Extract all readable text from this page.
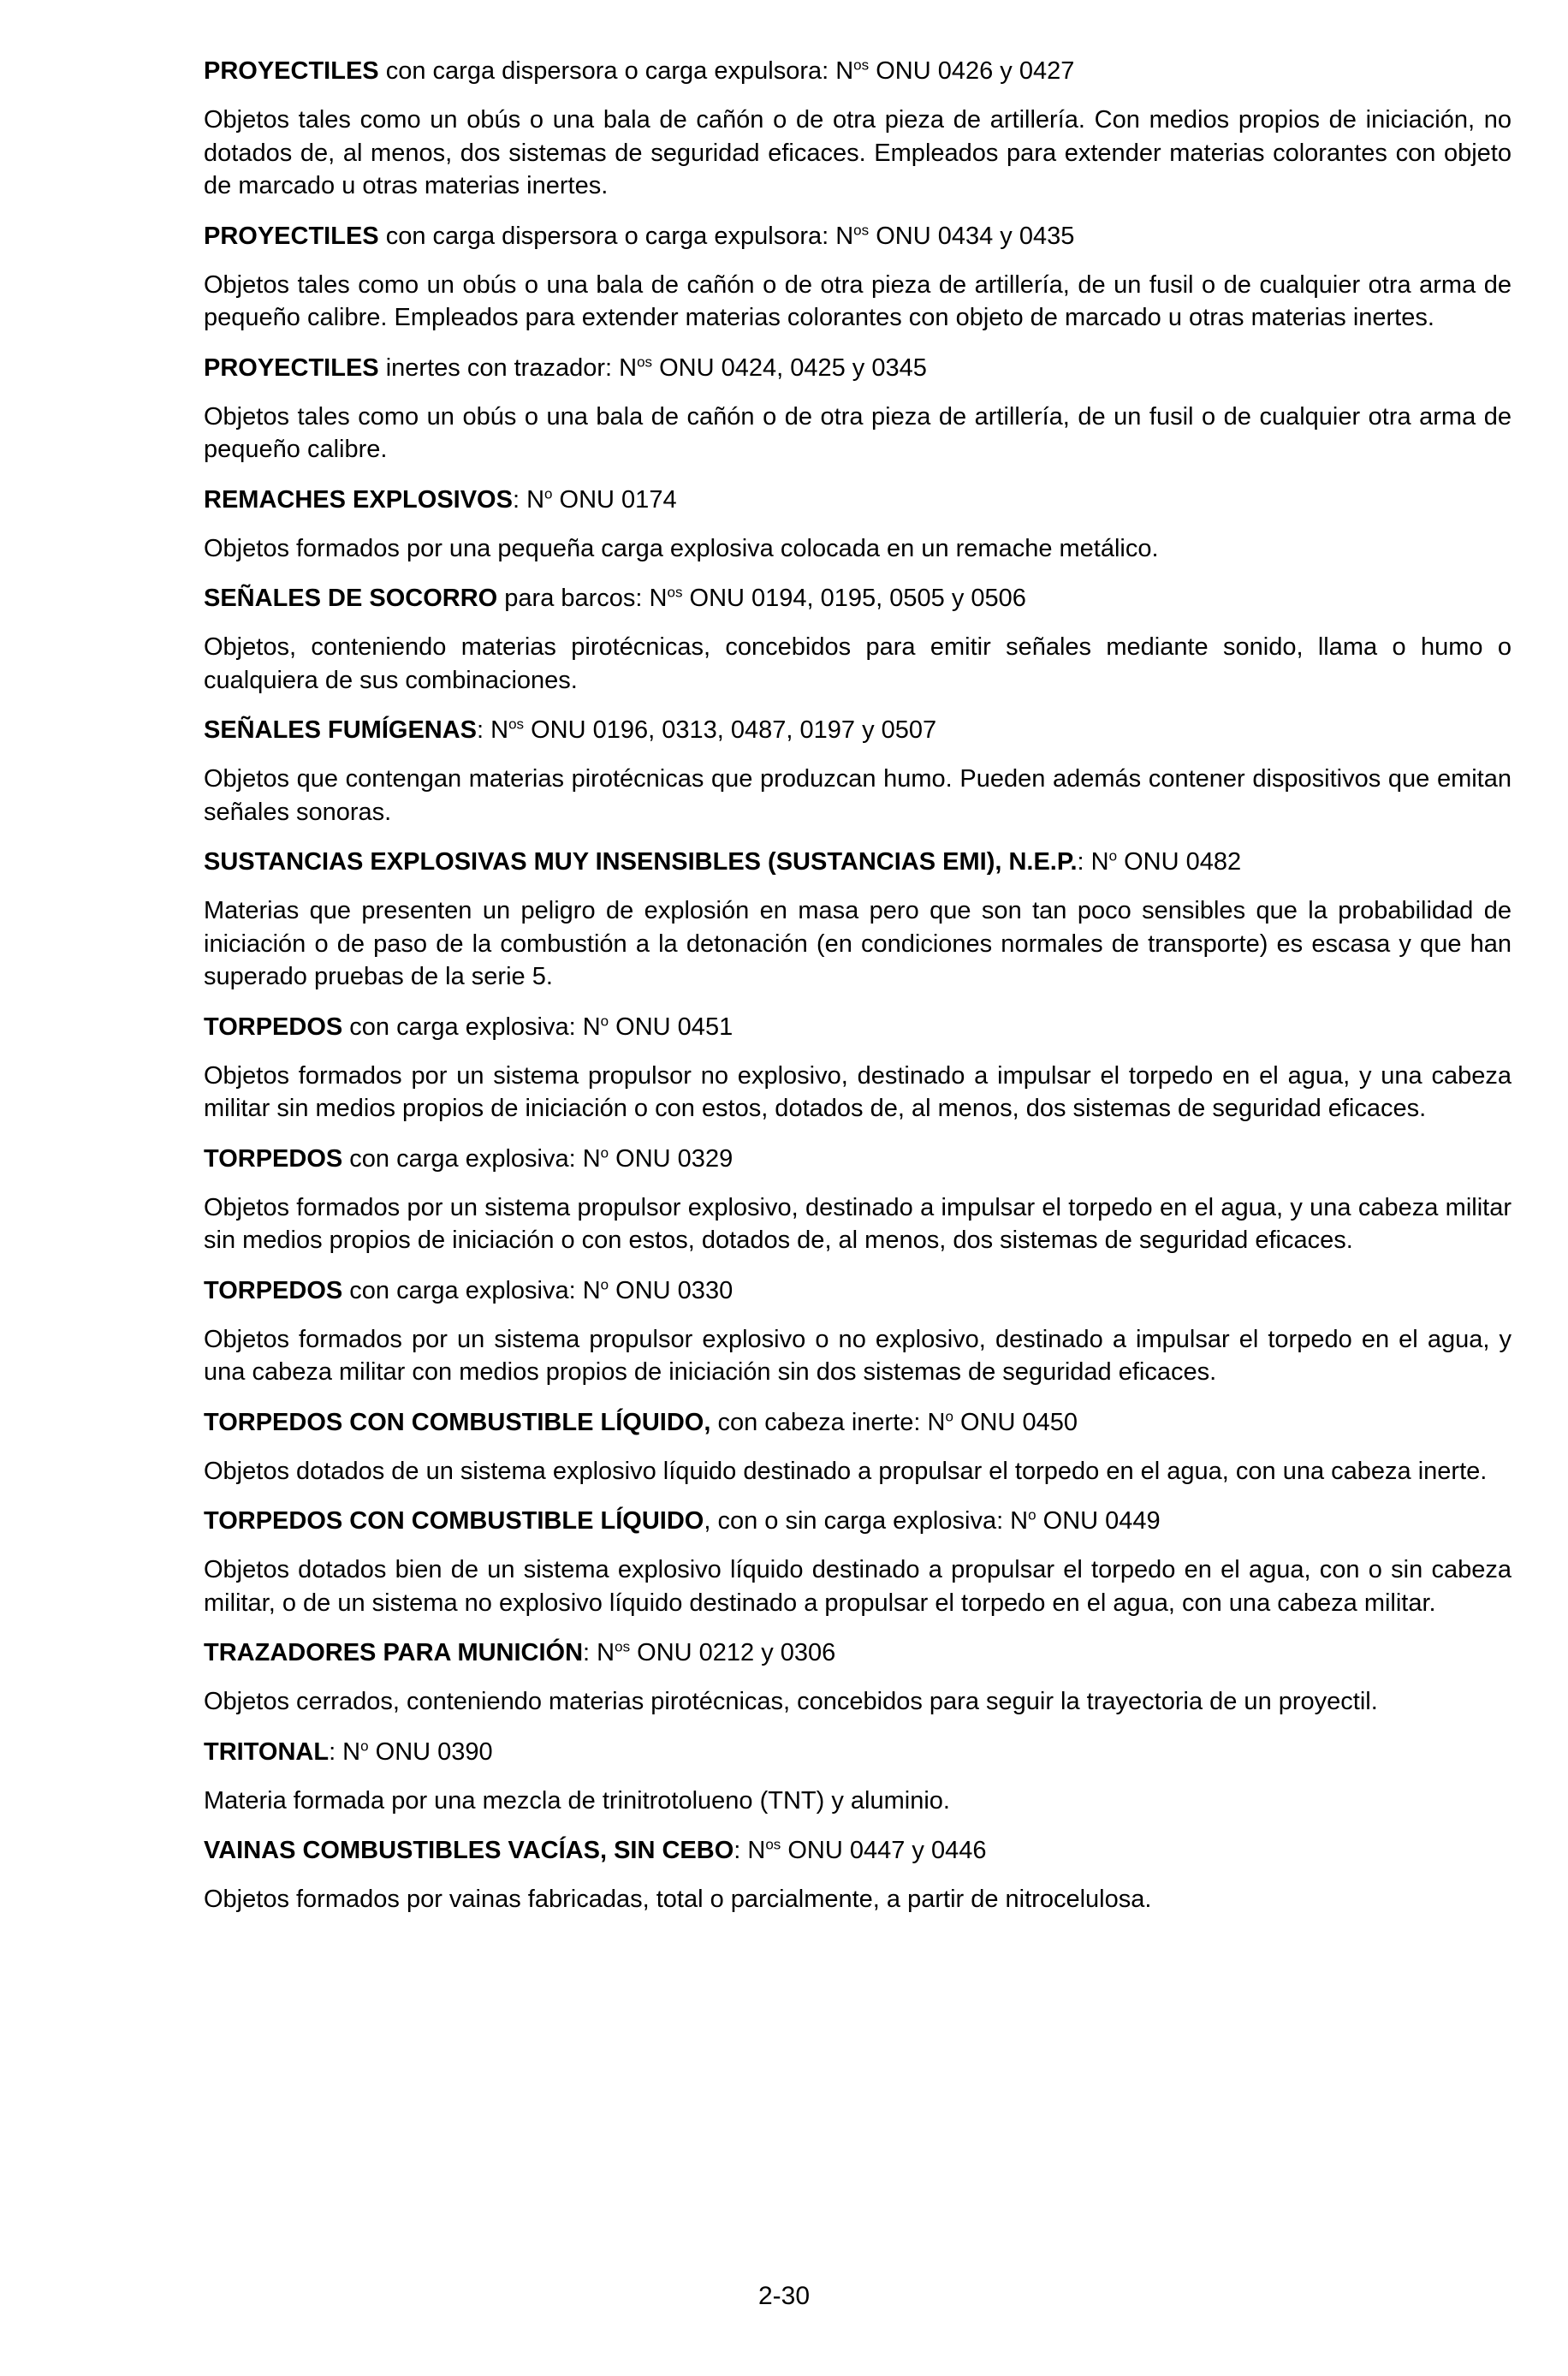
PROYECTILES con carga dispersora o carga expulsora: $N^{os}$ ONU 0426 y 0427

Objetos tales como un obús o una bala de cañón o de otra pieza de artillería. Con medios propios de iniciación, no dotados de, al menos, dos sistemas de seguridad eficaces. Empleados para extender materias colorantes con objeto de marcado u otras materias inertes.

PROYECTILES con carga dispersora o carga expulsora: $N^{os}$ ONU 0434 y 0435

Objetos tales como un obús o una bala de cañón o de otra pieza de artillería, de un fusil o de cualquier otra arma de pequeño calibre. Empleados para extender materias colorantes con objeto de marcado u otras materias inertes.

PROYECTILES inertes con trazador: $N^{os}$ ONU 0424, 0425 y 0345

Objetos tales como un obús o una bala de cañón o de otra pieza de artillería, de un fusil o de cualquier otra arma de pequeño calibre.

REMACHES EXPLOSIVOS: $N^o$ ONU 0174

Objetos formados por una pequeña carga explosiva colocada en un remache metálico.

SEÑALES DE SOCORRO para barcos: $N^{os}$ ONU 0194, 0195, 0505 y 0506

Objetos, conteniendo materias pirotécnicas, concebidos para emitir señales mediante sonido, llama o humo o cualquiera de sus combinaciones.

SEÑALES FUMÍGENAS: $N^{os}$ ONU 0196, 0313, 0487, 0197 y 0507

Objetos que contengan materias pirotécnicas que produzcan humo. Pueden además contener dispositivos que emitan señales sonoras.

SUSTANCIAS EXPLOSIVAS MUY INSENSIBLES (SUSTANCIAS EMI), N.E.P.: $N^o$ ONU 0482

Materias que presenten un peligro de explosión en masa pero que son tan poco sensibles que la probabilidad de iniciación o de paso de la combustión a la detonación (en condiciones normales de transporte) es escasa y que han superado pruebas de la serie 5.

TORPEDOS con carga explosiva: $N^o$ ONU 0451

Objetos formados por un sistema propulsor no explosivo, destinado a impulsar el torpedo en el agua, y una cabeza militar sin medios propios de iniciación o con estos, dotados de, al menos, dos sistemas de seguridad eficaces.

TORPEDOS con carga explosiva: $N^o$ ONU 0329

Objetos formados por un sistema propulsor explosivo, destinado a impulsar el torpedo en el agua, y una cabeza militar sin medios propios de iniciación o con estos, dotados de, al menos, dos sistemas de seguridad eficaces.

TORPEDOS con carga explosiva: $N^o$ ONU 0330

Objetos formados por un sistema propulsor explosivo o no explosivo, destinado a impulsar el torpedo en el agua, y una cabeza militar con medios propios de iniciación sin dos sistemas de seguridad eficaces.

TORPEDOS CON COMBUSTIBLE LÍQUIDO, con cabeza inerte: $N^o$ ONU 0450

Objetos dotados de un sistema explosivo líquido destinado a propulsar el torpedo en el agua, con una cabeza inerte.

TORPEDOS CON COMBUSTIBLE LÍQUIDO, con o sin carga explosiva: $N^o$ ONU 0449

Objetos dotados bien de un sistema explosivo líquido destinado a propulsar el torpedo en el agua, con o sin cabeza militar, o de un sistema no explosivo líquido destinado a propulsar el torpedo en el agua, con una cabeza militar.

TRAZADORES PARA MUNICIÓN: $N^{os}$ ONU 0212 y 0306

Objetos cerrados, conteniendo materias pirotécnicas, concebidos para seguir la trayectoria de un proyectil.

TRITONAL: $N^o$ ONU 0390

Materia formada por una mezcla de trinitrotolueno (TNT) y aluminio.

VAINAS COMBUSTIBLES VACÍAS, SIN CEBO: $N^{os}$ ONU 0447 y 0446

Objetos formados por vainas fabricadas, total o parcialmente, a partir de nitrocelulosa.

2-30
